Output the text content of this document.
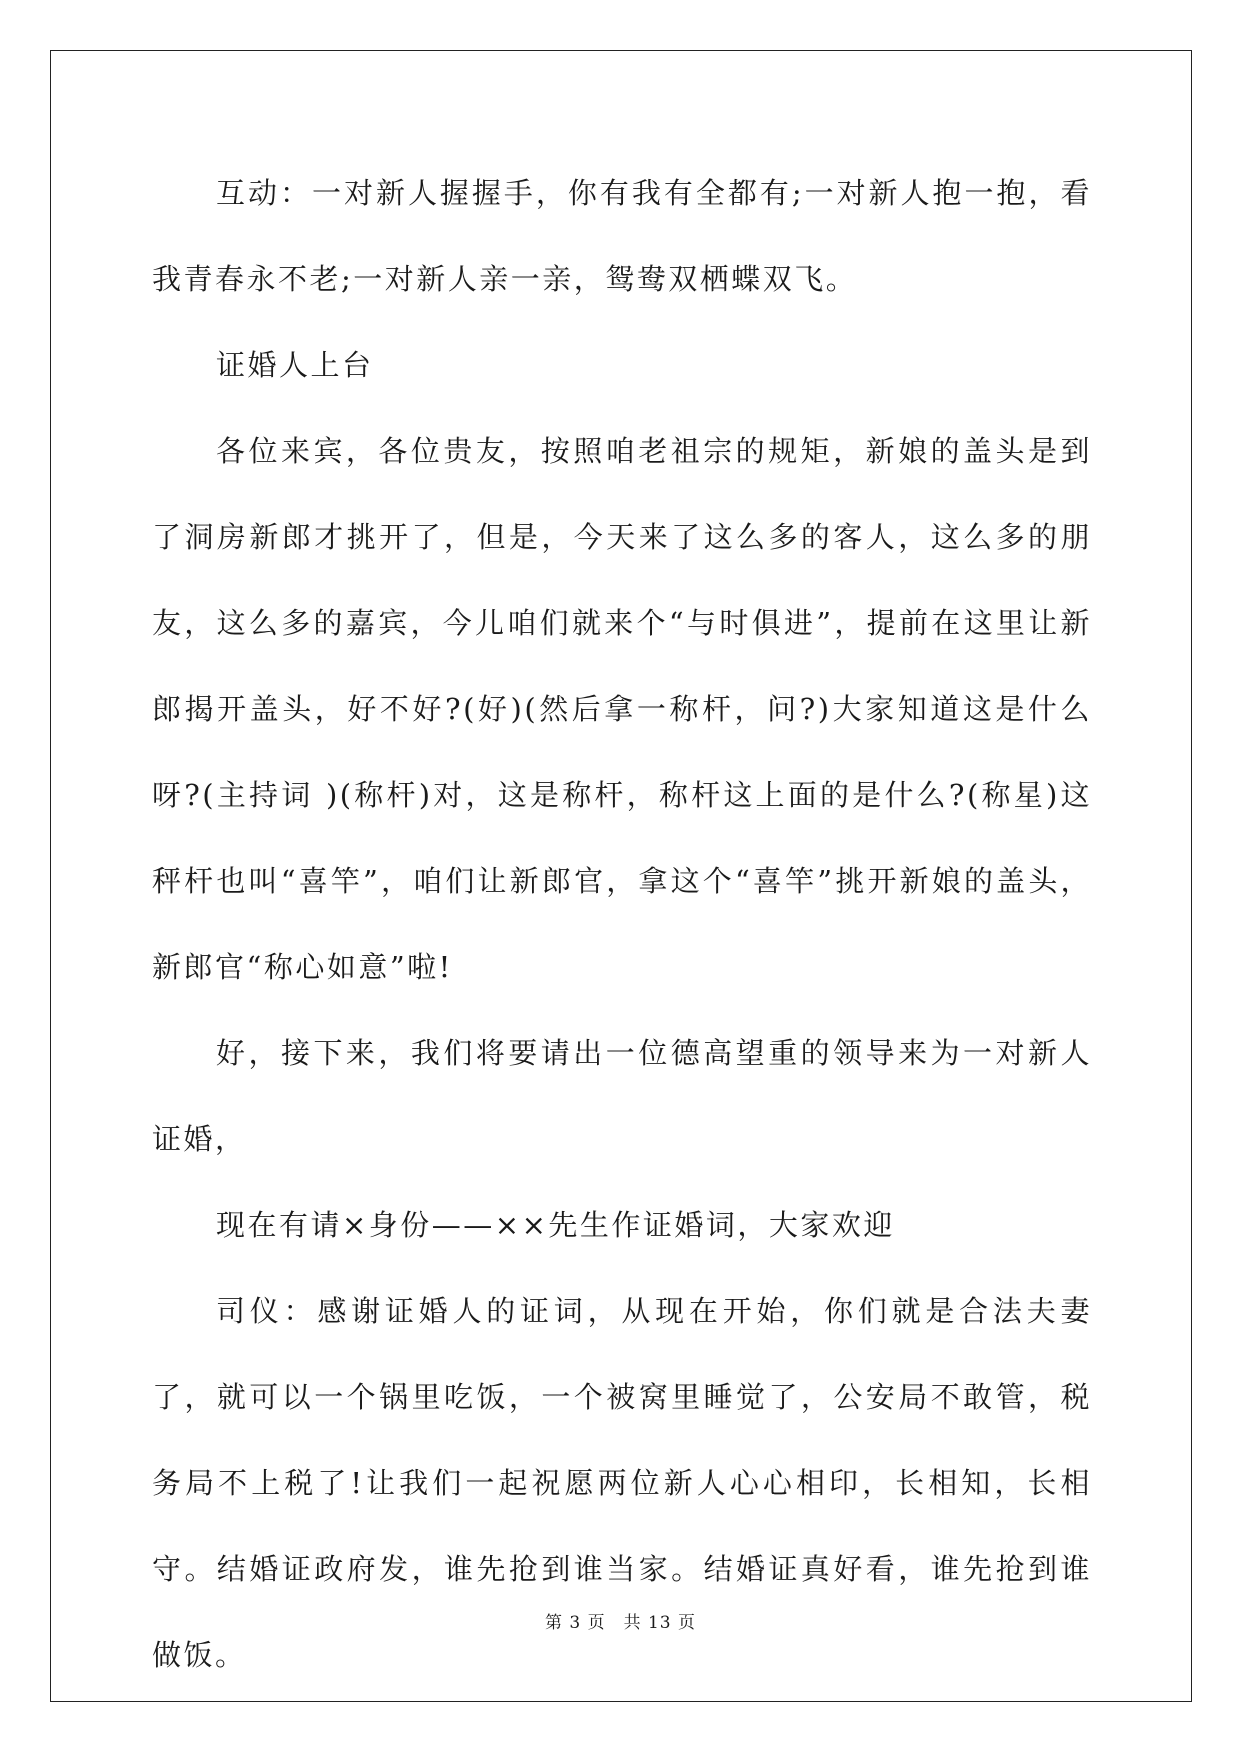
互动：一对新人握握手，你有我有全都有;一对新人抱一抱，看我青春永不老;一对新人亲一亲，鸳鸯双栖蝶双飞。

证婚人上台

各位来宾，各位贵友，按照咱老祖宗的规矩，新娘的盖头是到了洞房新郎才挑开了，但是，今天来了这么多的客人，这么多的朋友，这么多的嘉宾，今儿咱们就来个“与时俱进”，提前在这里让新郎揭开盖头，好不好?(好)(然后拿一称杆，问?)大家知道这是什么呀?(主持词 )(称杆)对，这是称杆，称杆这上面的是什么?(称星)这秤杆也叫“喜竿”，咱们让新郎官，拿这个“喜竿”挑开新娘的盖头，新郎官“称心如意”啦!

好，接下来，我们将要请出一位德高望重的领导来为一对新人证婚，

现在有请×身份——××先生作证婚词，大家欢迎

司仪：感谢证婚人的证词，从现在开始，你们就是合法夫妻了，就可以一个锅里吃饭，一个被窝里睡觉了，公安局不敢管，税务局不上税了!让我们一起祝愿两位新人心心相印，长相知，长相守。结婚证政府发，谁先抢到谁当家。结婚证真好看，谁先抢到谁做饭。

第 3 页　共 13 页
